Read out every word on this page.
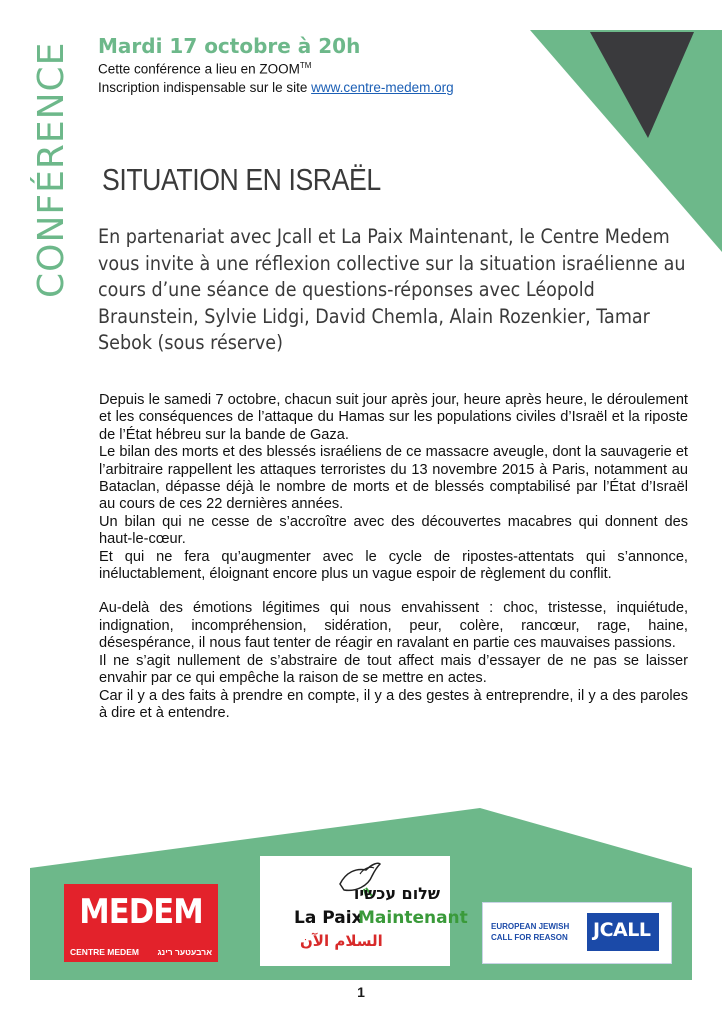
CONFÉRENCE Mardi 17 octobre à 20h
Cette conférence a lieu en ZOOM™
Inscription indispensable sur le site www.centre-medem.org
SITUATION EN ISRAËL
En partenariat avec Jcall et La Paix Maintenant, le Centre Medem vous invite à une réflexion collective sur la situation israélienne au cours d’une séance de questions-réponses avec Léopold Braunstein, Sylvie Lidgi, David Chemla, Alain Rozenkier, Tamar Sebok (sous réserve)

Depuis le samedi 7 octobre, chacun suit jour après jour, heure après heure, le déroulement et les conséquences de l’attaque du Hamas sur les populations civiles d’Israël et la riposte de l’État hébreu sur la bande de Gaza.

Le bilan des morts et des blessés israéliens de ce massacre aveugle, dont la sauvagerie et l’arbitraire rappellent les attaques terroristes du 13 novembre 2015 à Paris, notamment au Bataclan, dépasse déjà le nombre de morts et de blessés comptabilisé par l’État d’Israël au cours de ces 22 dernières années.

Un bilan qui ne cesse de s’accroître avec des découvertes macabres qui donnent des haut-le-cœur.

Et qui ne fera qu’augmenter avec le cycle de ripostes-attentats qui s’annonce, inéluctablement, éloignant encore plus un vague espoir de règlement du conflit.

Au-delà des émotions légitimes qui nous envahissent : choc, tristesse, inquiétude, indignation, incompréhension, sidération, peur, colère, rancœur, rage, haine, désespérance, il nous faut tenter de réagir en ravalant en partie ces mauvaises passions.

Il ne s’agit nullement de s’abstraire de tout affect mais d’essayer de ne pas se laisser envahir par ce qui empêche la raison de se mettre en actes.

Car il y a des faits à prendre en compte, il y a des gestes à entreprendre, il y a des paroles à dire et à entendre.

MEDEM
CENTRE MEDEM ארבעטער רינג
שלום עכשיו
La Paix
Maintenant
السلام الآن
EUROPEAN JEWISH
CALL FOR REASON JCALL
1
